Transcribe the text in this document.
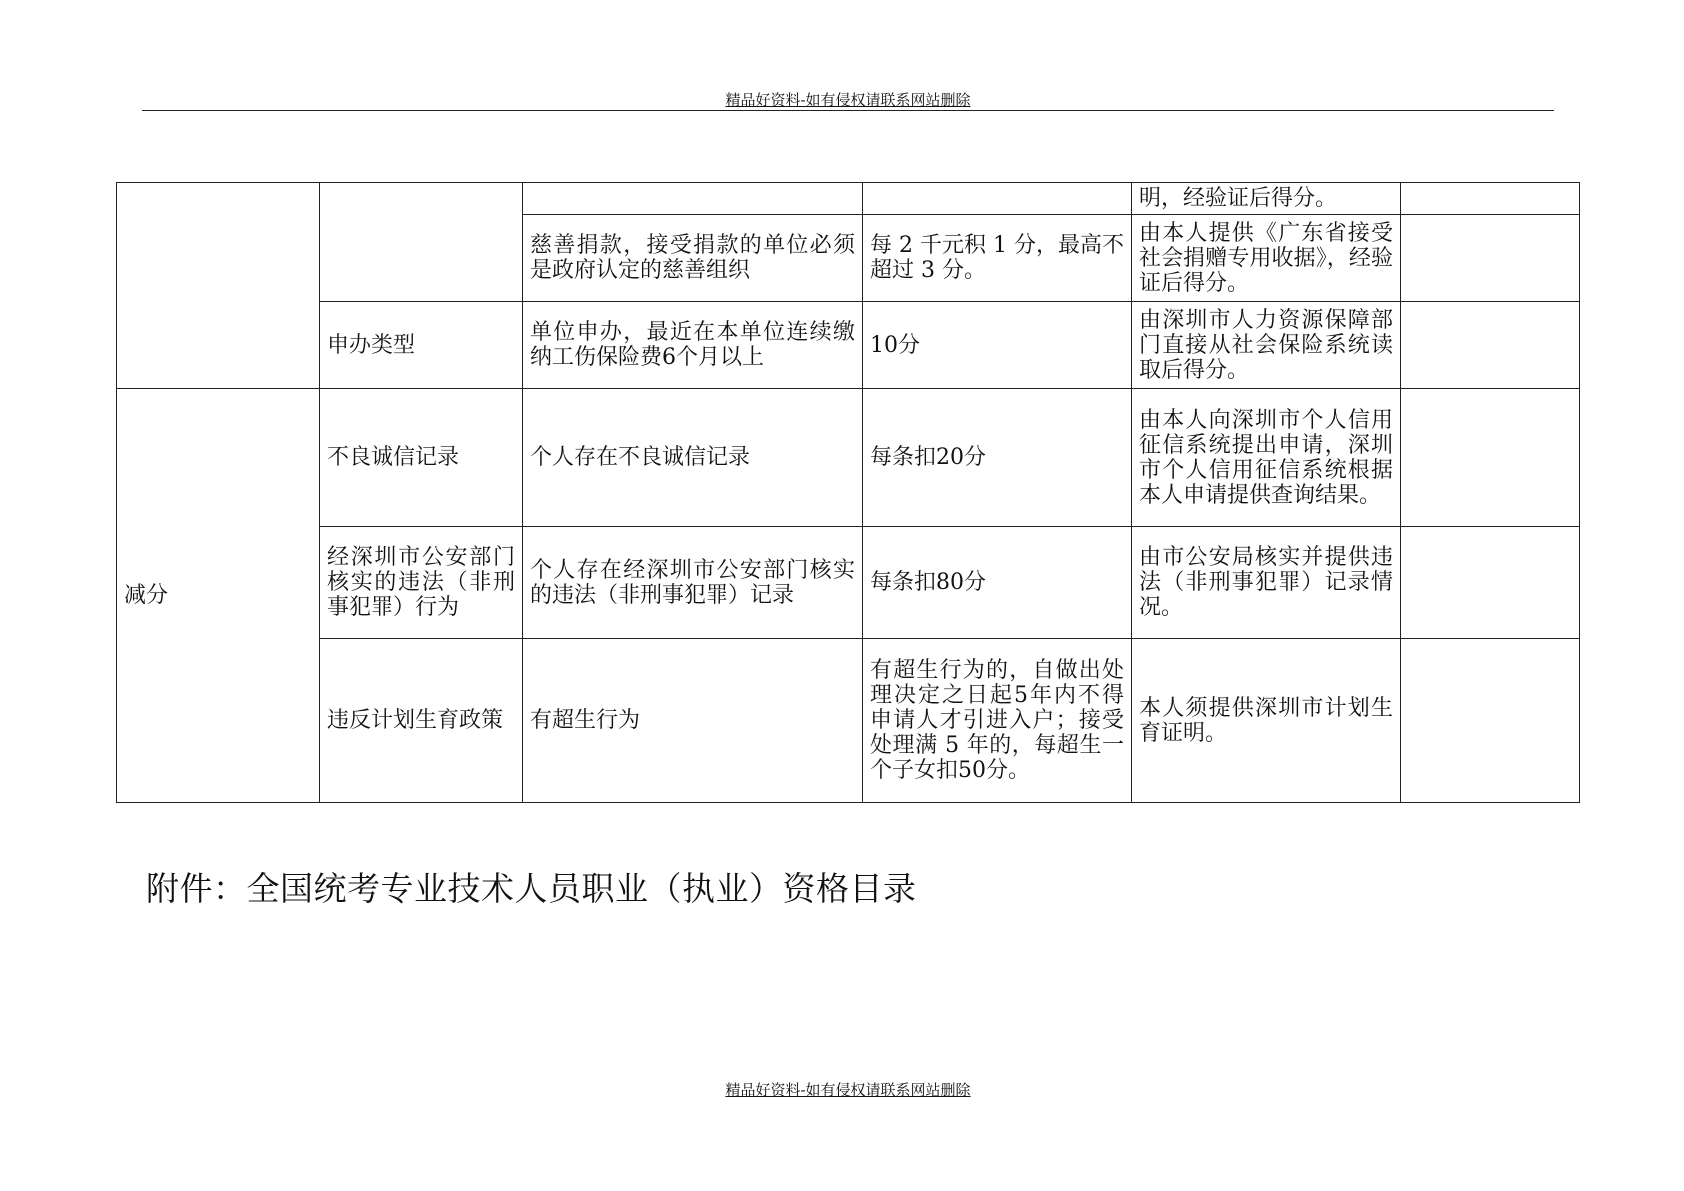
精品好资料-如有侵权请联系网站删除
				明，经验证后得分。	
		慈善捐款，接受捐款的单位必须是政府认定的慈善组织	每 2 千元积 1 分，最高不超过 3 分。	由本人提供《广东省接受社会捐赠专用收据》，经验证后得分。	
	申办类型	单位申办，最近在本单位连续缴纳工伤保险费6个月以上	10分	由深圳市人力资源保障部门直接从社会保险系统读取后得分。	
减分	不良诚信记录	个人存在不良诚信记录	每条扣20分	由本人向深圳市个人信用征信系统提出申请，深圳市个人信用征信系统根据本人申请提供查询结果。	
	经深圳市公安部门核实的违法（非刑事犯罪）行为	个人存在经深圳市公安部门核实的违法（非刑事犯罪）记录	每条扣80分	由市公安局核实并提供违法（非刑事犯罪）记录情况。	
	违反计划生育政策	有超生行为	有超生行为的，自做出处理决定之日起5年内不得申请人才引进入户；接受处理满 5 年的，每超生一个子女扣50分。	本人须提供深圳市计划生育证明。	
附件：全国统考专业技术人员职业（执业）资格目录
精品好资料-如有侵权请联系网站删除
